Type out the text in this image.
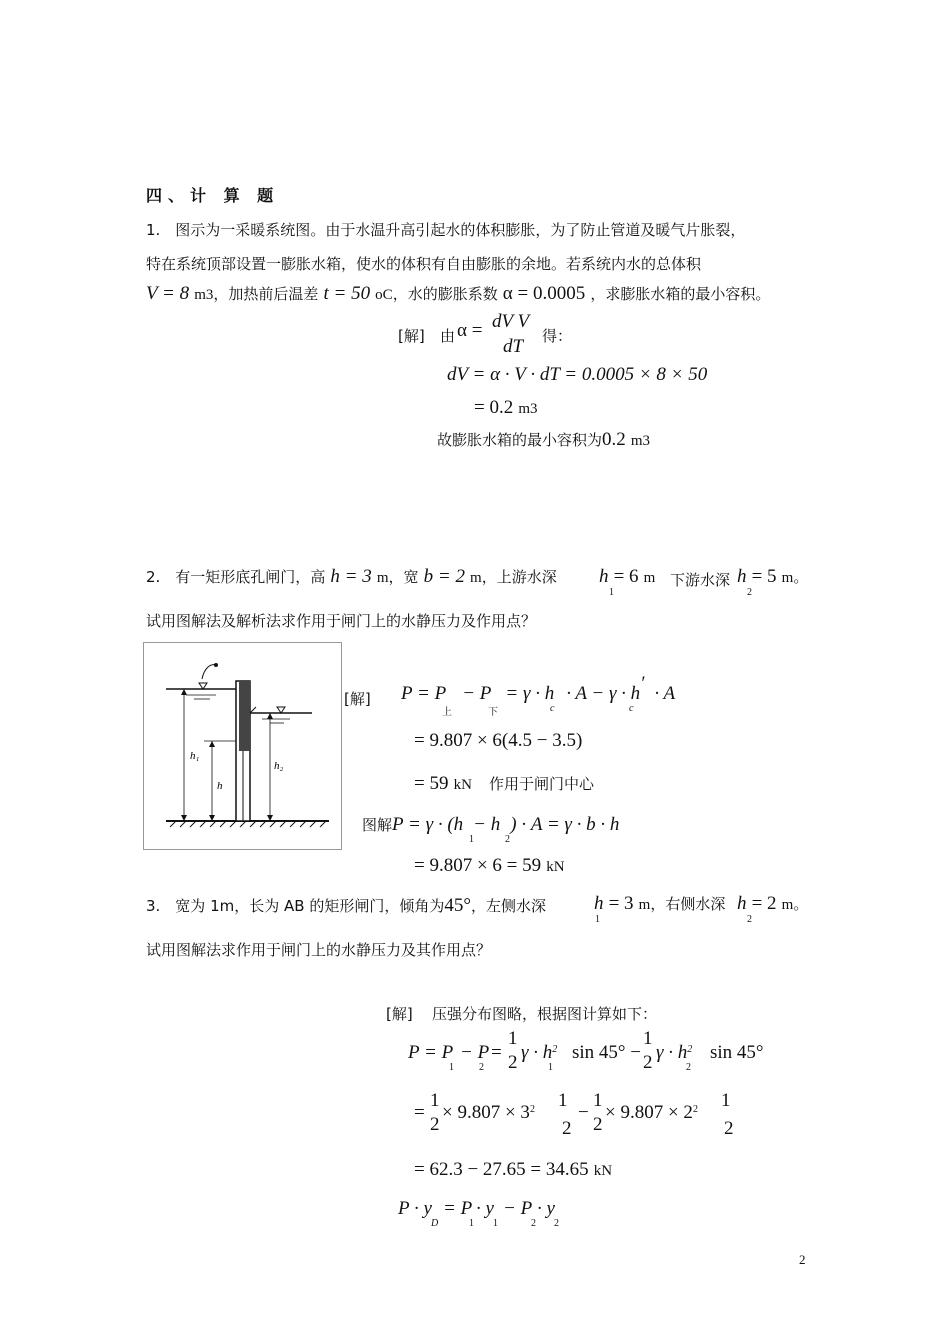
四、计 算 题
1.　图示为一采暖系统图。由于水温升高引起水的体积膨胀，为了防止管道及暖气片胀裂，
特在系统顶部设置一膨胀水箱，使水的体积有自由膨胀的余地。若系统内水的总体积
V = 8 m3，加热前后温差 t = 50 oC，水的膨胀系数 α = 0.0005 ，求膨胀水箱的最小容积。
[解] 由 α = dV V
dT 得：
dV = α · V · dT = 0.0005 × 8 × 50
= 0.2 m3
故膨胀水箱的最小容积为0.2 m3
2.　有一矩形底孔闸门，高 h = 3 m，宽 b = 2 m，上游水深 h = 6 m
1
下游水深 h = 5 m。
2
试用图解法及解析法求作用于闸门上的水静压力及作用点？
h₁
h
h₂
[解] P = P − P = γ · h · A − γ · h′ · A
上	下	c	c
= 9.807 × 6(4.5 − 3.5)
= 59 kN 作用于闸门中心
图解P = γ · (h − h ) · A = γ · b · h
1	2
= 9.807 × 6 = 59 kN
3.　宽为 1m，长为 AB 的矩形闸门，倾角为45°，左侧水深	h = 3 m，右侧水深
1
h = 2 m。
2
试用图解法求作用于闸门上的水静压力及其作用点？
[解] 压强分布图略，根据图计算如下：
P = P
1
− P
2
=
1
2 $\gamma \cdot h^2$
1
sin 45° −
1
2 $\gamma \cdot h^2$
2
sin 45°
=
1
2
× $9.807 \times 3^2$ 1
2
−
1
2
× $9.807 \times 2^2$ 1
2
= 62.3 − 27.65 = 34.65 kN
P · y
D
= P
1
· y
1
− P
2
· y
2
2
